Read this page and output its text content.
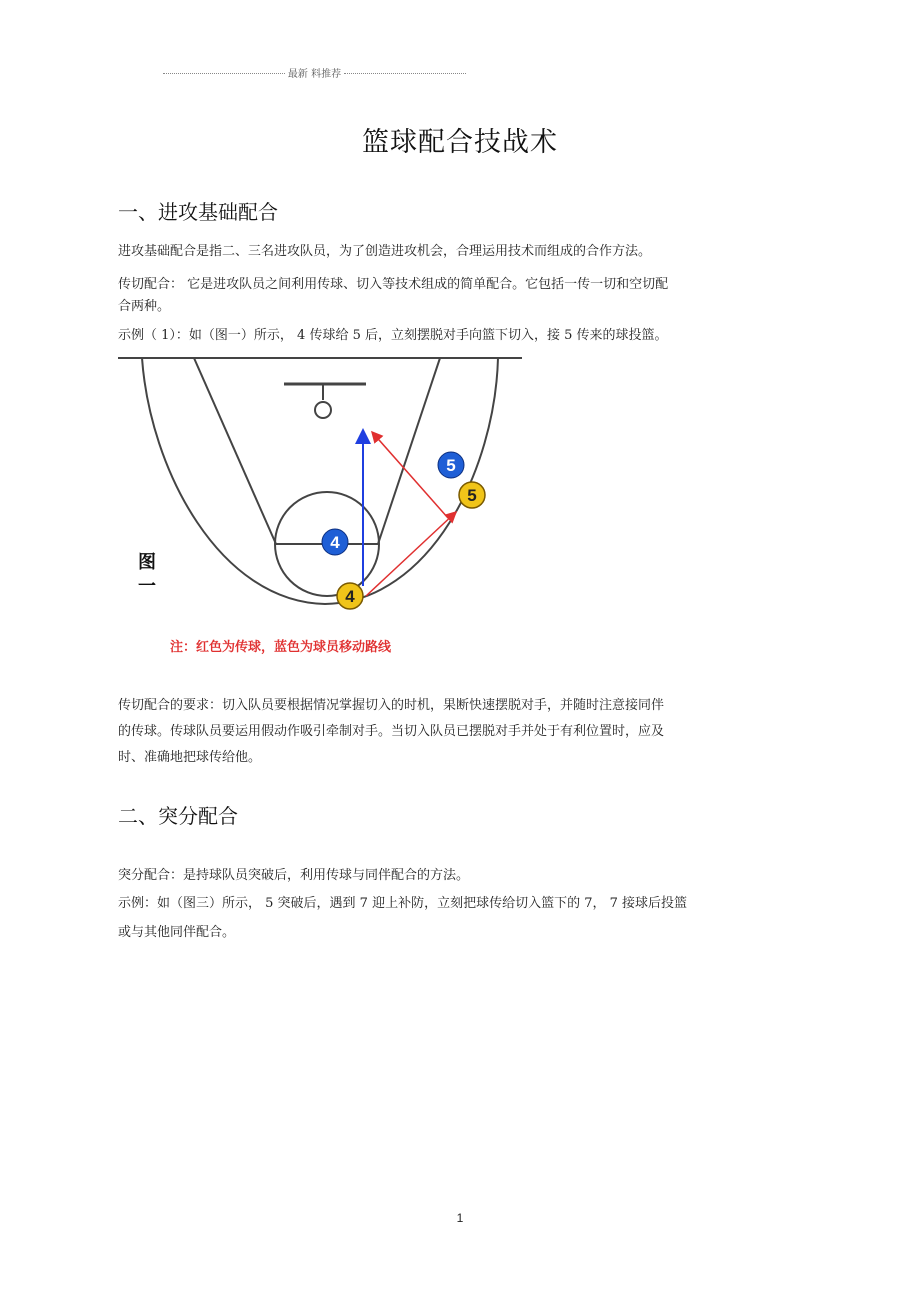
最新 料推荐
篮球配合技战术
一、进攻基础配合
进攻基础配合是指二、三名进攻队员，为了创造进攻机会，合理运用技术而组成的合作方法。
传切配合： 它是进攻队员之间利用传球、切入等技术组成的简单配合。它包括一传一切和空切配
合两种。
示例（ 1）：如（图一）所示， 4 传球给 5 后，立刻摆脱对手向篮下切入，接 5 传来的球投篮。
4
5
5
4
图
一
注：红色为传球，蓝色为球员移动路线
传切配合的要求：切入队员要根据情况掌握切入的时机，果断快速摆脱对手，并随时注意接同伴
的传球。传球队员要运用假动作吸引牵制对手。当切入队员已摆脱对手并处于有利位置时，应及
时、准确地把球传给他。
二、突分配合
突分配合：是持球队员突破后，利用传球与同伴配合的方法。
示例：如（图三）所示， 5 突破后，遇到 7 迎上补防，立刻把球传给切入篮下的 7， 7 接球后投篮
或与其他同伴配合。
1
